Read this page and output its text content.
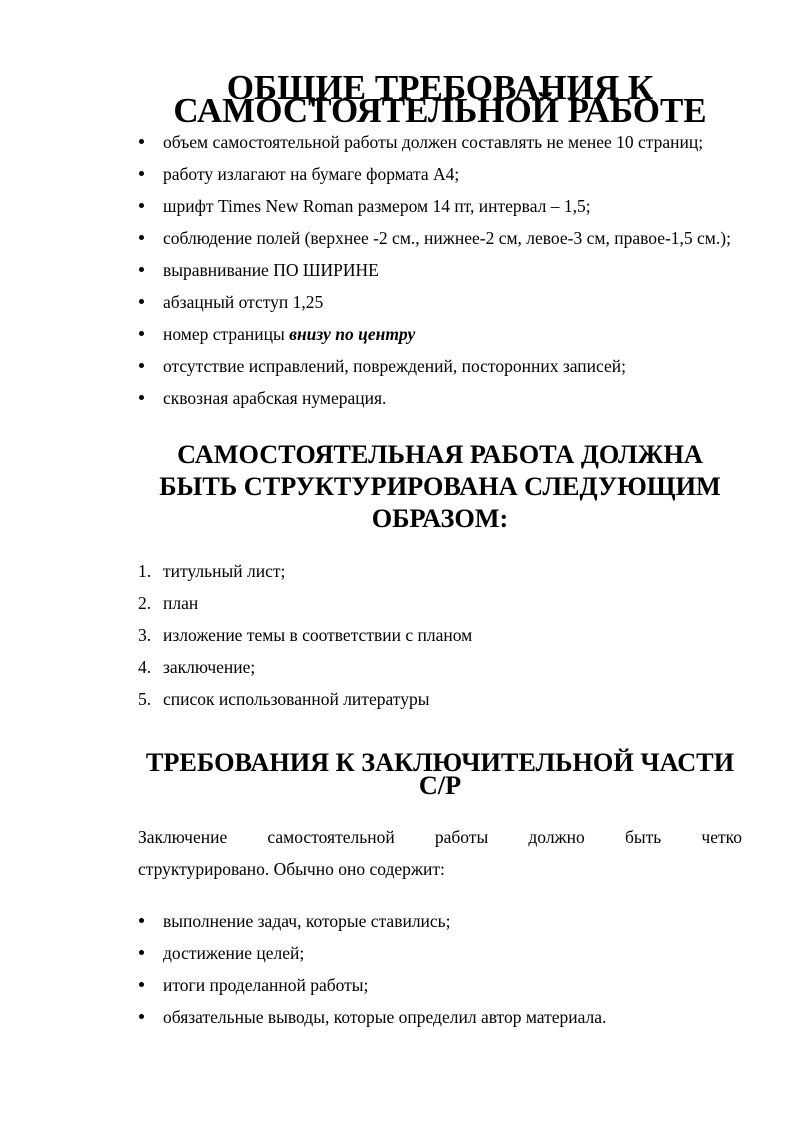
ОБЩИЕ ТРЕБОВАНИЯ К САМОСТОЯТЕЛЬНОЙ РАБОТЕ
объем самостоятельной работы должен составлять не менее 10 страниц;
работу излагают на бумаге формата А4;
шрифт Times New Roman размером 14 пт, интервал – 1,5;
соблюдение полей (верхнее -2 см., нижнее-2 см, левое-3 см, правое-1,5 см.);
выравнивание ПО ШИРИНЕ
абзацный отступ 1,25
номер страницы внизу по центру
отсутствие исправлений, повреждений, посторонних записей;
сквозная арабская нумерация.
САМОСТОЯТЕЛЬНАЯ РАБОТА ДОЛЖНА
БЫТЬ СТРУКТУРИРОВАНА СЛЕДУЮЩИМ ОБРАЗОМ:
1. титульный лист;
2. план
3. изложение темы в соответствии с планом
4. заключение;
5. список использованной литературы
ТРЕБОВАНИЯ К ЗАКЛЮЧИТЕЛЬНОЙ ЧАСТИ С/Р

Заключение самостоятельной работы должно быть четко
структурировано. Обычно оно содержит:

выполнение задач, которые ставились;
достижение целей;
итоги проделанной работы;
обязательные выводы, которые определил автор материала.
